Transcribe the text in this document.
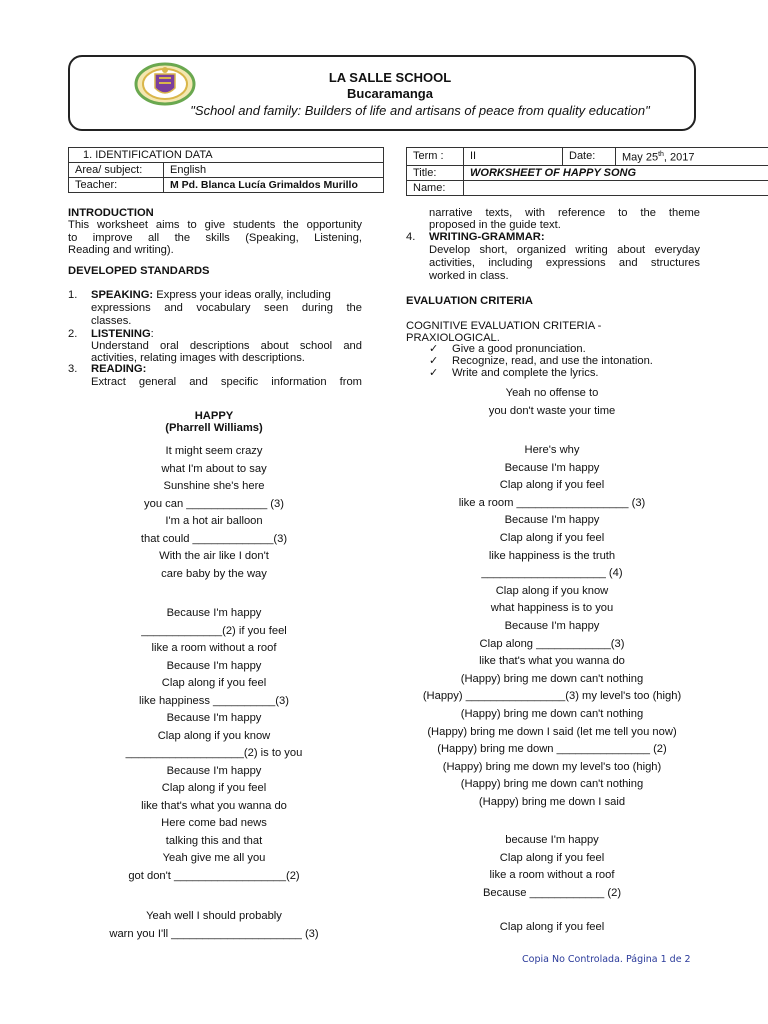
LA SALLE SCHOOL
Bucaramanga
"School and family: Builders of life and artisans of peace from quality education"
1. IDENTIFICATION DATA	
Area/ subject:	English
Teacher:	M Pd. Blanca Lucía Grimaldos Murillo
Term :	II	Date:	May 25th, 2017
Title:	WORKSHEET OF HAPPY SONG		
Name:			
INTRODUCTION
This worksheet aims to give students the opportunity
to improve all the skills (Speaking, Listening,
Reading and writing).
DEVELOPED STANDARDS
1. SPEAKING: Express your ideas orally, including
expressions and vocabulary seen during the
classes.
2. LISTENING:
Understand oral descriptions about school and
activities, relating images with descriptions.
3. READING:
Extract general and specific information from
HAPPY
(Pharrell Williams)
It might seem crazy
what I'm about to say
Sunshine she's here
you can _____________ (3)
I'm a hot air balloon
that could _____________(3)
With the air like I don't
care baby by the way
Because I'm happy
_____________(2) if you feel
like a room without a roof
Because I'm happy
Clap along if you feel
like happiness __________(3)
Because I'm happy
Clap along if you know
___________________(2) is to you
Because I'm happy
Clap along if you feel
like that's what you wanna do
Here come bad news
talking this and that
Yeah give me all you
got don't __________________(2)
Yeah well I should probably
warn you I'll _____________________ (3)
narrative texts, with reference to the theme
proposed in the guide text.
4. WRITING-GRAMMAR:
Develop short, organized writing about everyday
activities, including expressions and structures
worked in class.
EVALUATION CRITERIA
COGNITIVE EVALUATION CRITERIA -
PRAXIOLOGICAL.
✓ Give a good pronunciation.
✓ Recognize, read, and use the intonation.
✓ Write and complete the lyrics.
Yeah no offense to
you don't waste your time
Here's why
Because I'm happy
Clap along if you feel
like a room __________________ (3)
Because I'm happy
Clap along if you feel
like happiness is the truth
____________________ (4)
Clap along if you know
what happiness is to you
Because I'm happy
Clap along ____________(3)
like that's what you wanna do
(Happy) bring me down can't nothing
(Happy) ________________(3) my level's too (high)
(Happy) bring me down can't nothing
(Happy) bring me down I said (let me tell you now)
(Happy) bring me down _______________ (2)
(Happy) bring me down my level's too (high)
(Happy) bring me down can't nothing
(Happy) bring me down I said
because I'm happy
Clap along if you feel
like a room without a roof
Because ____________ (2)
Clap along if you feel
Copia No Controlada. Página 1 de 2
